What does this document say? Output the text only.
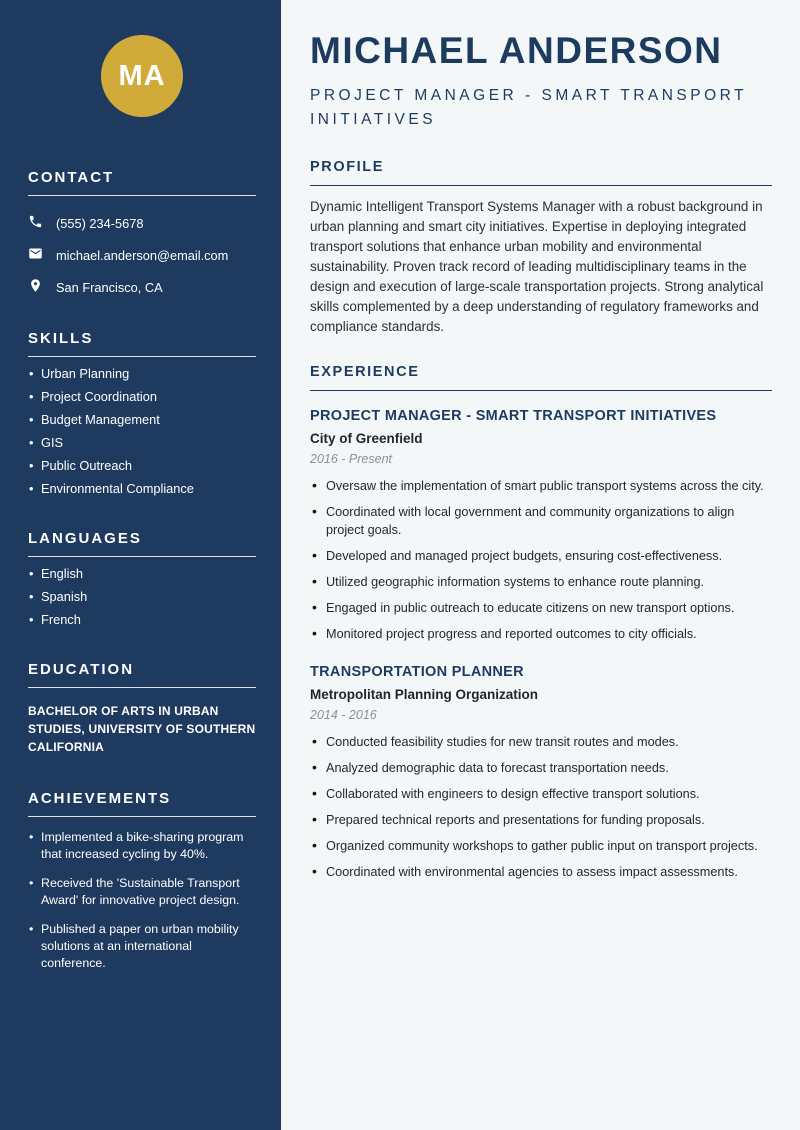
MA
CONTACT
(555) 234-5678
michael.anderson@email.com
San Francisco, CA
SKILLS
• Urban Planning
• Project Coordination
• Budget Management
• GIS
• Public Outreach
• Environmental Compliance
LANGUAGES
• English
• Spanish
• French
EDUCATION

BACHELOR OF ARTS IN URBAN STUDIES, UNIVERSITY OF SOUTHERN CALIFORNIA

ACHIEVEMENTS
• Implemented a bike-sharing program that increased cycling by 40%.
• Received the 'Sustainable Transport Award' for innovative project design.
• Published a paper on urban mobility solutions at an international conference.
MICHAEL ANDERSON
PROJECT MANAGER - SMART TRANSPORT INITIATIVES
PROFILE

Dynamic Intelligent Transport Systems Manager with a robust background in urban planning and smart city initiatives. Expertise in deploying integrated transport solutions that enhance urban mobility and environmental sustainability. Proven track record of leading multidisciplinary teams in the design and execution of large-scale transportation projects. Strong analytical skills complemented by a deep understanding of regulatory frameworks and compliance standards.

EXPERIENCE
PROJECT MANAGER - SMART TRANSPORT INITIATIVES
City of Greenfield
2016 - Present
• Oversaw the implementation of smart public transport systems across the city.
• Coordinated with local government and community organizations to align project goals.
• Developed and managed project budgets, ensuring cost-effectiveness.
• Utilized geographic information systems to enhance route planning.
• Engaged in public outreach to educate citizens on new transport options.
• Monitored project progress and reported outcomes to city officials.
TRANSPORTATION PLANNER
Metropolitan Planning Organization
2014 - 2016
• Conducted feasibility studies for new transit routes and modes.
• Analyzed demographic data to forecast transportation needs.
• Collaborated with engineers to design effective transport solutions.
• Prepared technical reports and presentations for funding proposals.
• Organized community workshops to gather public input on transport projects.
• Coordinated with environmental agencies to assess impact assessments.
